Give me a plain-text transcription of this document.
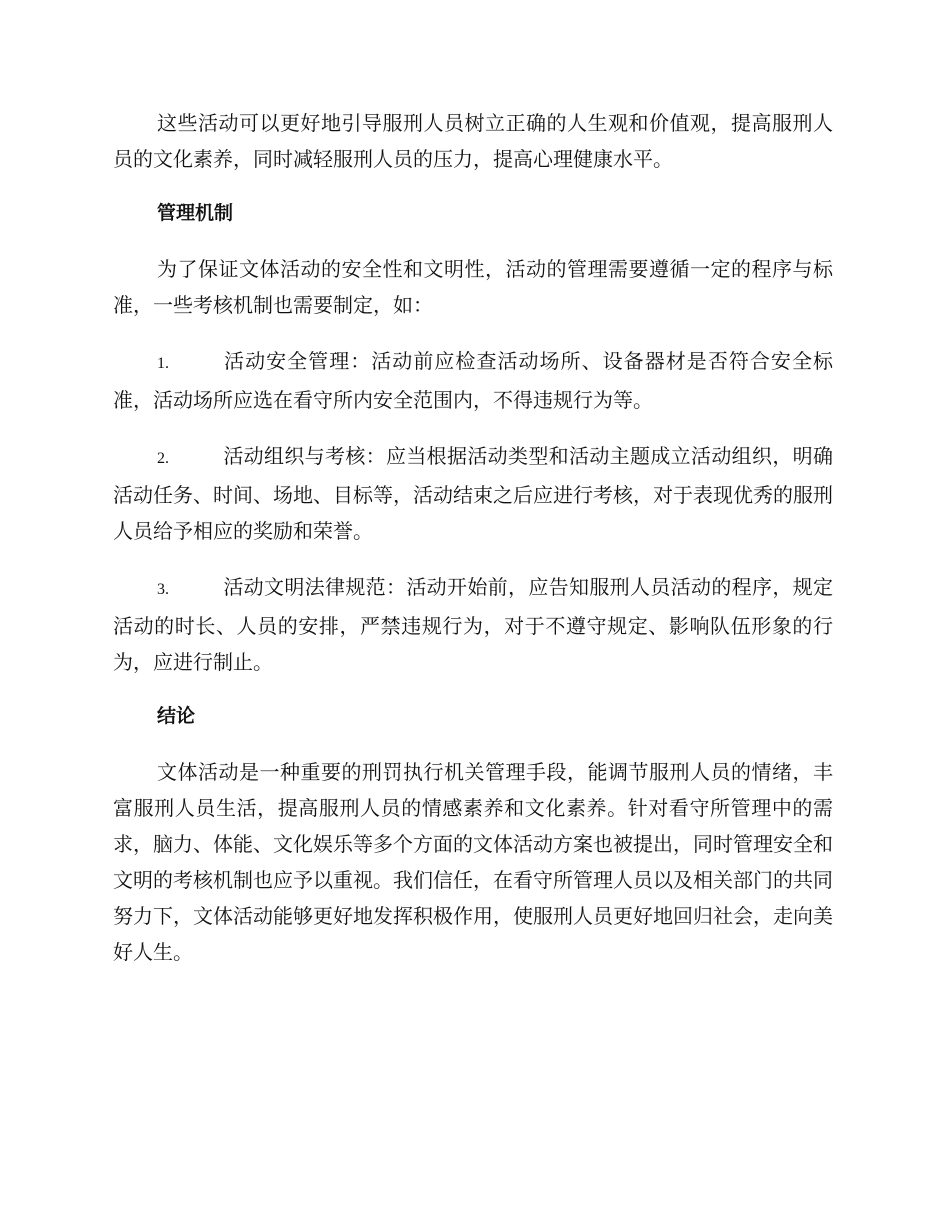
这些活动可以更好地引导服刑人员树立正确的人生观和价值观，提高服刑人员的文化素养，同时减轻服刑人员的压力，提高心理健康水平。

管理机制

为了保证文体活动的安全性和文明性，活动的管理需要遵循一定的程序与标准，一些考核机制也需要制定，如：

1.	活动安全管理：活动前应检查活动场所、设备器材是否符合安全标准，活动场所应选在看守所内安全范围内，不得违规行为等。

2.	活动组织与考核：应当根据活动类型和活动主题成立活动组织，明确活动任务、时间、场地、目标等，活动结束之后应进行考核，对于表现优秀的服刑人员给予相应的奖励和荣誉。

3.	活动文明法律规范：活动开始前，应告知服刑人员活动的程序，规定活动的时长、人员的安排，严禁违规行为，对于不遵守规定、影响队伍形象的行为，应进行制止。

结论

文体活动是一种重要的刑罚执行机关管理手段，能调节服刑人员的情绪，丰富服刑人员生活，提高服刑人员的情感素养和文化素养。针对看守所管理中的需求，脑力、体能、文化娱乐等多个方面的文体活动方案也被提出，同时管理安全和文明的考核机制也应予以重视。我们信任，在看守所管理人员以及相关部门的共同努力下，文体活动能够更好地发挥积极作用，使服刑人员更好地回归社会，走向美好人生。
